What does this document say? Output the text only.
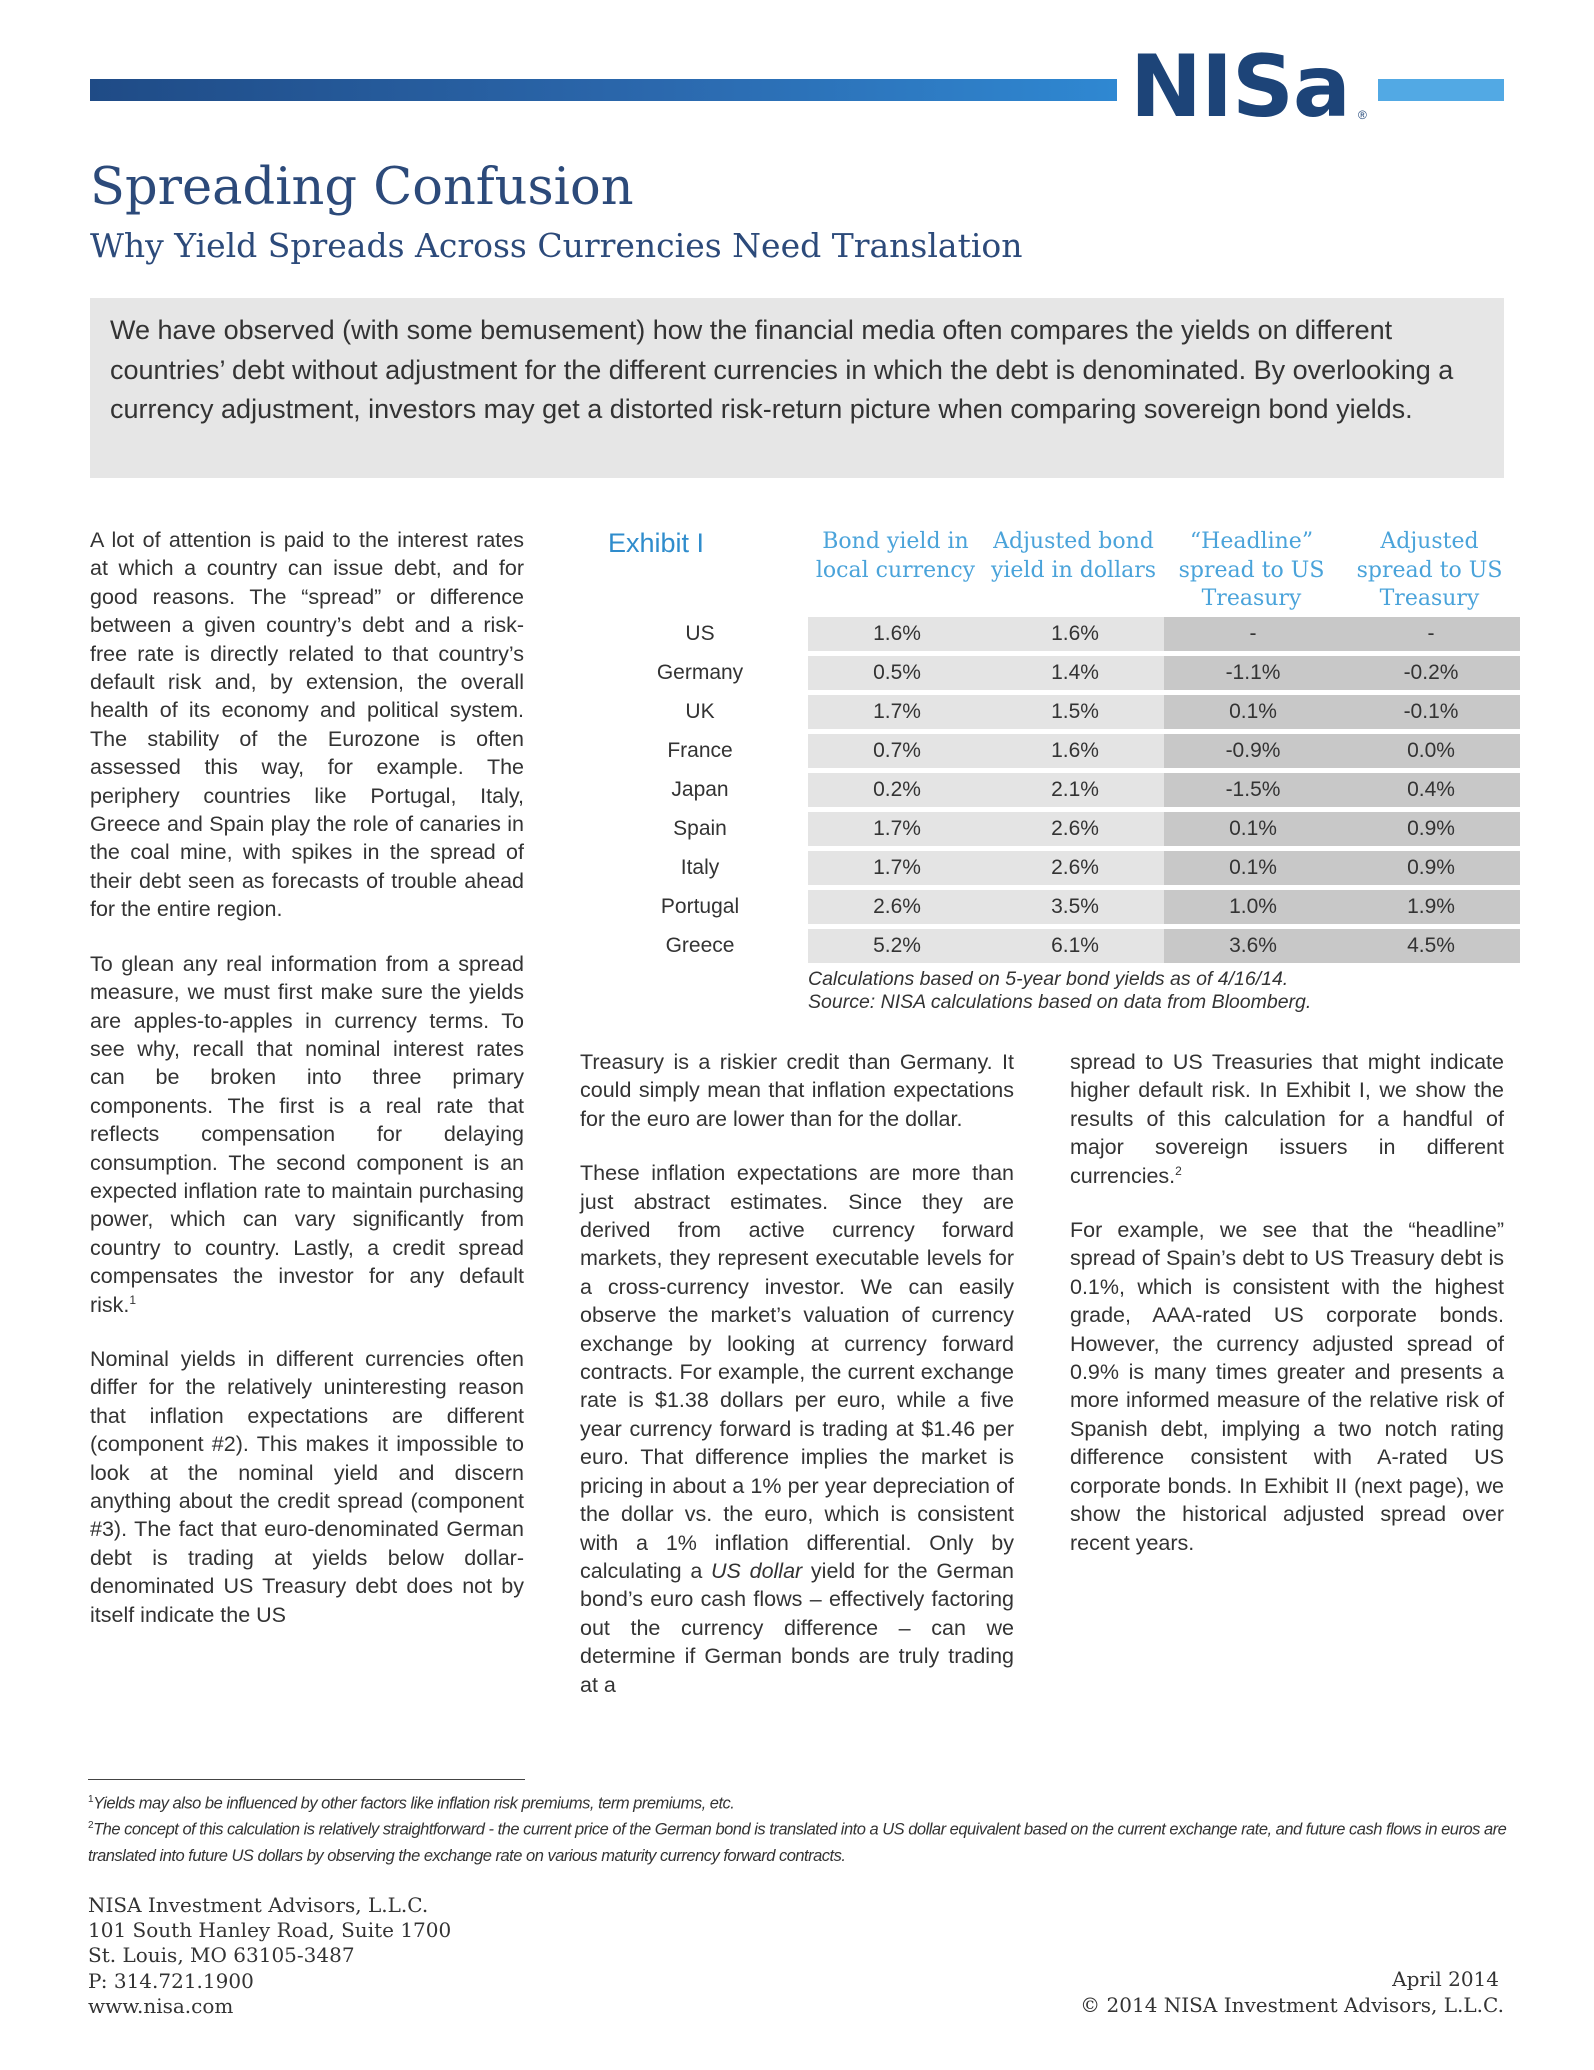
NISa ®
Spreading Confusion
Why Yield Spreads Across Currencies Need Translation
We have observed (with some bemusement) how the financial media often compares the yields on different countries’ debt without adjustment for the different currencies in which the debt is denominated. By overlooking a currency adjustment, investors may get a distorted risk-return picture when comparing sovereign bond yields.

A lot of attention is paid to the interest rates at which a country can issue debt, and for good reasons. The “spread” or difference between a given country’s debt and a risk-free rate is directly related to that country’s default risk and, by extension, the overall health of its economy and political system. The stability of the Eurozone is often assessed this way, for example. The periphery countries like Portugal, Italy, Greece and Spain play the role of canaries in the coal mine, with spikes in the spread of their debt seen as forecasts of trouble ahead for the entire region.

To glean any real information from a spread measure, we must first make sure the yields are apples-to-apples in currency terms. To see why, recall that nominal interest rates can be broken into three primary components. The first is a real rate that reflects compensation for delaying consumption. The second component is an expected inflation rate to maintain purchasing power, which can vary significantly from country to country. Lastly, a credit spread compensates the investor for any default risk.$^1$

Nominal yields in different currencies often differ for the relatively uninteresting reason that inflation expectations are different (component #2). This makes it impossible to look at the nominal yield and discern anything about the credit spread (component #3). The fact that euro-denominated German debt is trading at yields below dollar-denominated US Treasury debt does not by itself indicate the US

Exhibit I	Bond yield in local currency
Adjusted bond yield in dollars
“Headline” spread to US Treasury
Adjusted spread to US Treasury
US	1.6%	1.6%	-	-
Germany	0.5%	1.4%	-1.1%	-0.2%
UK	1.7%	1.5%	0.1%	-0.1%
France	0.7%	1.6%	-0.9%	0.0%
Japan	0.2%	2.1%	-1.5%	0.4%
Spain	1.7%	2.6%	0.1%	0.9%
Italy	1.7%	2.6%	0.1%	0.9%
Portugal	2.6%	3.5%	1.0%	1.9%
Greece	5.2%	6.1%	3.6%	4.5%
Calculations based on 5-year bond yields as of 4/16/14.
Source: NISA calculations based on data from Bloomberg.

Treasury is a riskier credit than Germany. It could simply mean that inflation expectations for the euro are lower than for the dollar.

These inflation expectations are more than just abstract estimates. Since they are derived from active currency forward markets, they represent executable levels for a cross-currency investor. We can easily observe the market’s valuation of currency exchange by looking at currency forward contracts. For example, the current exchange rate is $1.38 dollars per euro, while a five year currency forward is trading at $1.46 per euro. That difference implies the market is pricing in about a 1% per year depreciation of the dollar vs. the euro, which is consistent with a 1% inflation differential. Only by calculating a US dollar yield for the German bond’s euro cash flows – effectively factoring out the currency difference – can we determine if German bonds are truly trading at a

spread to US Treasuries that might indicate higher default risk. In Exhibit I, we show the results of this calculation for a handful of major sovereign issuers in different currencies.$^2$

For example, we see that the “headline” spread of Spain’s debt to US Treasury debt is 0.1%, which is consistent with the highest grade, AAA-rated US corporate bonds. However, the currency adjusted spread of 0.9% is many times greater and presents a more informed measure of the relative risk of Spanish debt, implying a two notch rating difference consistent with A-rated US corporate bonds. In Exhibit II (next page), we show the historical adjusted spread over recent years.

$^1$Yields may also be influenced by other factors like inflation risk premiums, term premiums, etc.
$^2$The concept of this calculation is relatively straightforward - the current price of the German bond is translated into a US dollar equivalent based on the current exchange rate, and future cash flows in euros are translated into future US dollars by observing the exchange rate on various maturity currency forward contracts.
NISA Investment Advisors, L.L.C.
101 South Hanley Road, Suite 1700
St. Louis, MO 63105-3487
P: 314.721.1900
www.nisa.com
April 2014
© 2014 NISA Investment Advisors, L.L.C.
